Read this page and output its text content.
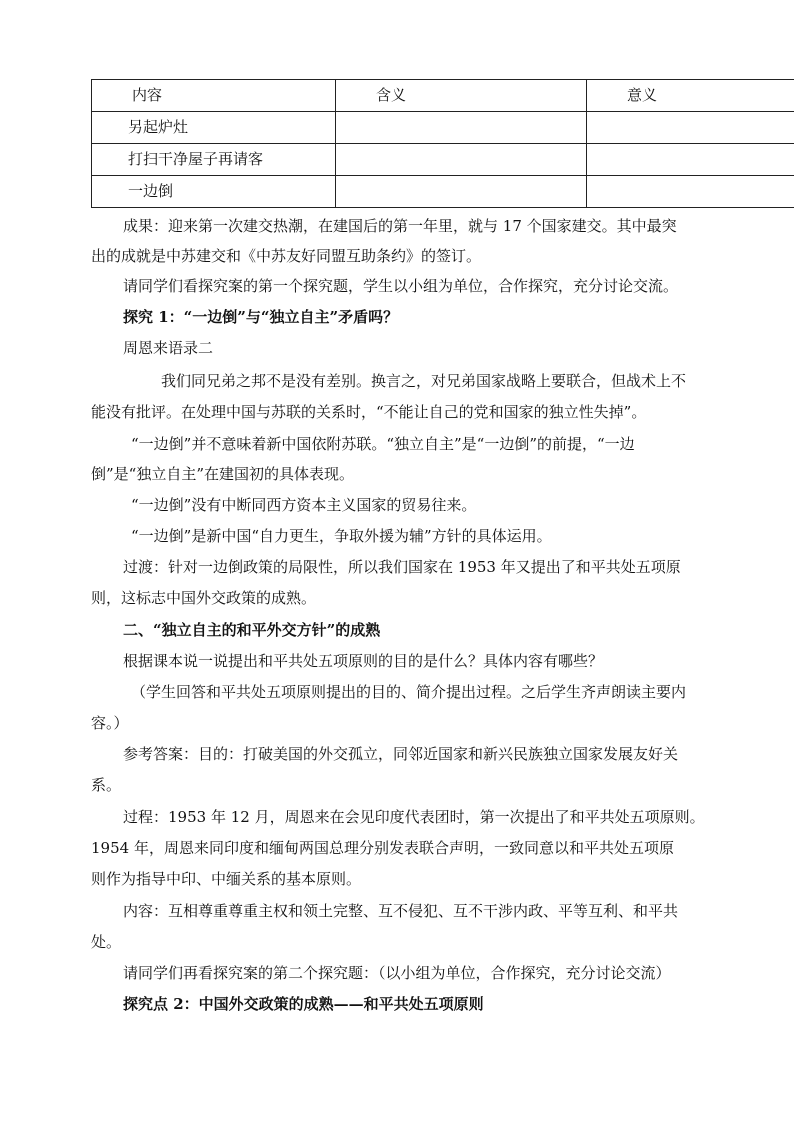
内容	含义	意义
另起炉灶		
打扫干净屋子再请客		
一边倒		
成果：迎来第一次建交热潮，在建国后的第一年里，就与 17 个国家建交。其中最突
出的成就是中苏建交和《中苏友好同盟互助条约》的签订。
请同学们看探究案的第一个探究题，学生以小组为单位，合作探究，充分讨论交流。
探究 1：“一边倒”与“独立自主”矛盾吗？
周恩来语录二
我们同兄弟之邦不是没有差别。换言之，对兄弟国家战略上要联合，但战术上不
能没有批评。在处理中国与苏联的关系时，“不能让自己的党和国家的独立性失掉”。
“一边倒”并不意味着新中国依附苏联。“独立自主”是“一边倒”的前提，“一边
倒”是“独立自主”在建国初的具体表现。
“一边倒”没有中断同西方资本主义国家的贸易往来。
“一边倒”是新中国“自力更生，争取外援为辅”方针的具体运用。
过渡：针对一边倒政策的局限性，所以我们国家在 1953 年又提出了和平共处五项原
则，这标志中国外交政策的成熟。
二、“独立自主的和平外交方针”的成熟
根据课本说一说提出和平共处五项原则的目的是什么？具体内容有哪些？
（学生回答和平共处五项原则提出的目的、简介提出过程。之后学生齐声朗读主要内
容。）
参考答案：目的：打破美国的外交孤立，同邻近国家和新兴民族独立国家发展友好关
系。
过程：1953 年 12 月，周恩来在会见印度代表团时，第一次提出了和平共处五项原则。
1954 年，周恩来同印度和缅甸两国总理分别发表联合声明，一致同意以和平共处五项原
则作为指导中印、中缅关系的基本原则。
内容：互相尊重尊重主权和领土完整、互不侵犯、互不干涉内政、平等互利、和平共
处。
请同学们再看探究案的第二个探究题：（以小组为单位，合作探究，充分讨论交流）
探究点 2：中国外交政策的成熟——和平共处五项原则
